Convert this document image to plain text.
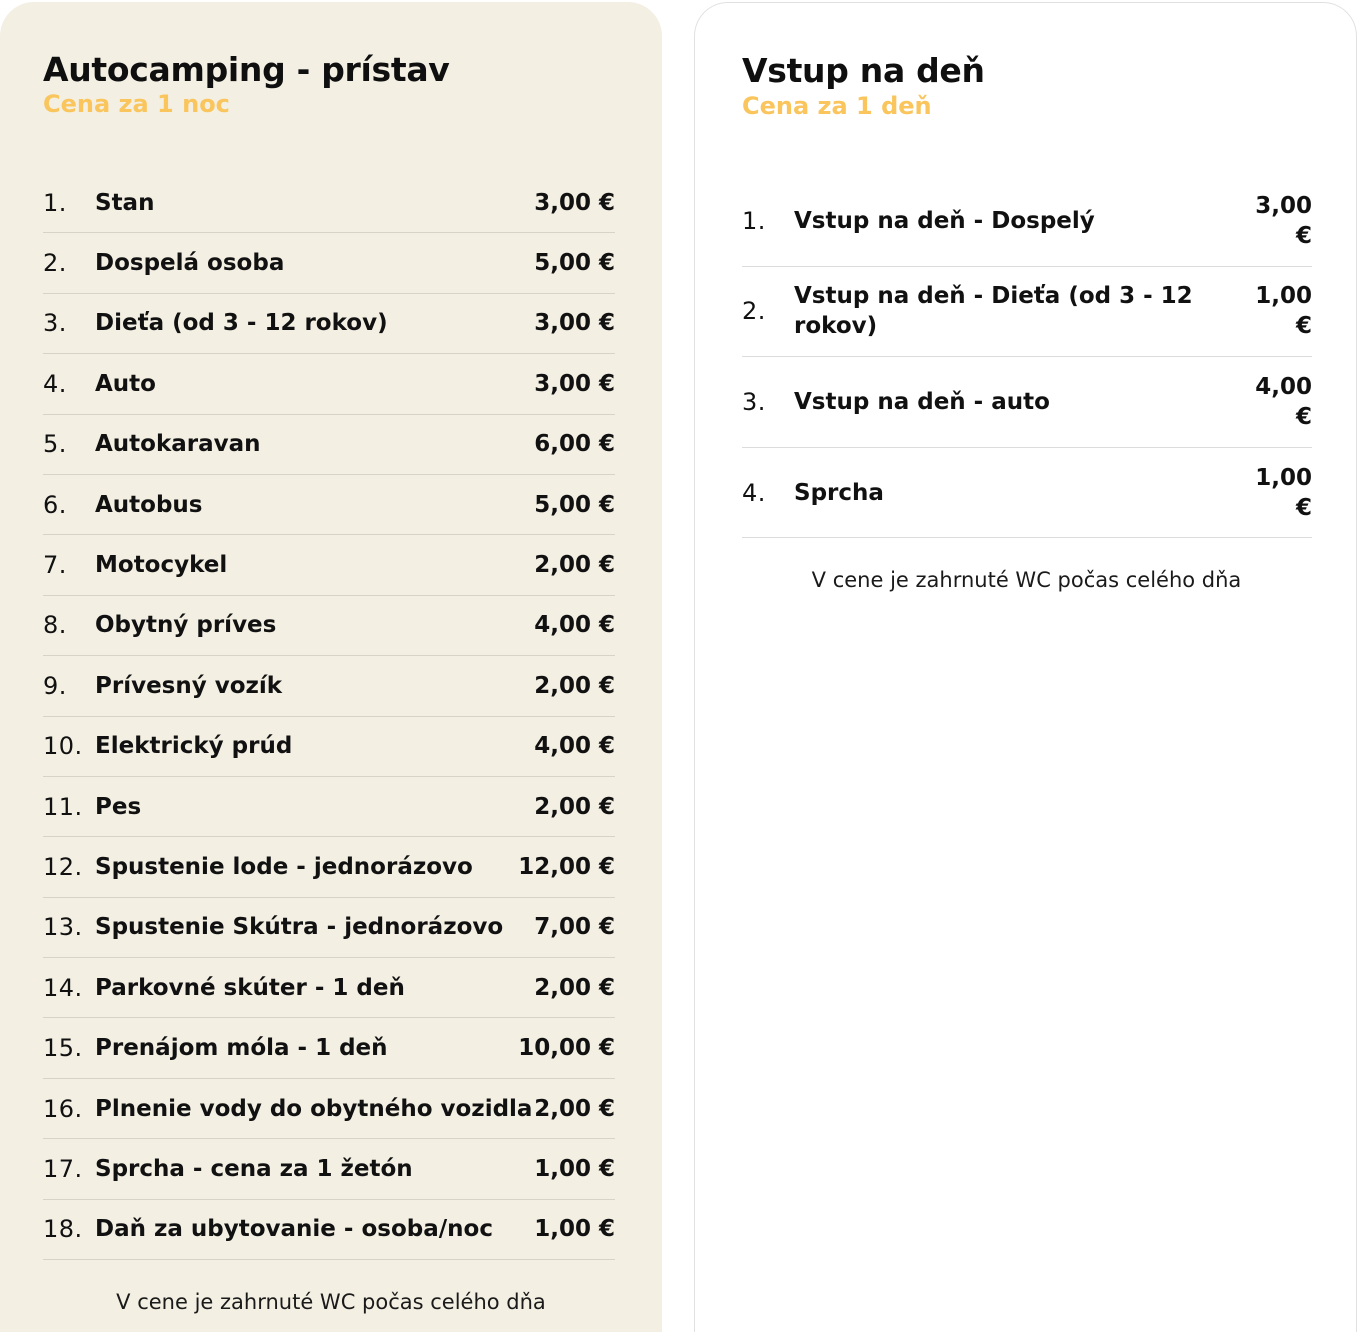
Autocamping - prístav
Cena za 1 noc
1.	Stan	3,00 €
2.	Dospelá osoba	5,00 €
3.	Dieťa (od 3 - 12 rokov)	3,00 €
4.	Auto	3,00 €
5.	Autokaravan	6,00 €
6.	Autobus	5,00 €
7.	Motocykel	2,00 €
8.	Obytný príves	4,00 €
9.	Prívesný vozík	2,00 €
10. Elektrický prúd	4,00 €
11. Pes	2,00 €
12. Spustenie lode - jednorázovo	12,00 €
13. Spustenie Skútra - jednorázovo	7,00 €
14. Parkovné skúter - 1 deň	2,00 €
15. Prenájom móla - 1 deň	10,00 €
16. Plnenie vody do obytného vozidla 2,00 €
17. Sprcha - cena za 1 žetón	1,00 €
18. Daň za ubytovanie - osoba/noc	1,00 €

V cene je zahrnuté WC počas celého dňa

Vstup na deň
Cena za 1 deň
1.	Vstup na deň - Dospelý
3,00 €
2.
Vstup na deň - Dieťa (od 3 - 12 rokov)
1,00 €
3.	Vstup na deň - auto
4,00 €
4.	Sprcha
1,00 €

V cene je zahrnuté WC počas celého dňa
